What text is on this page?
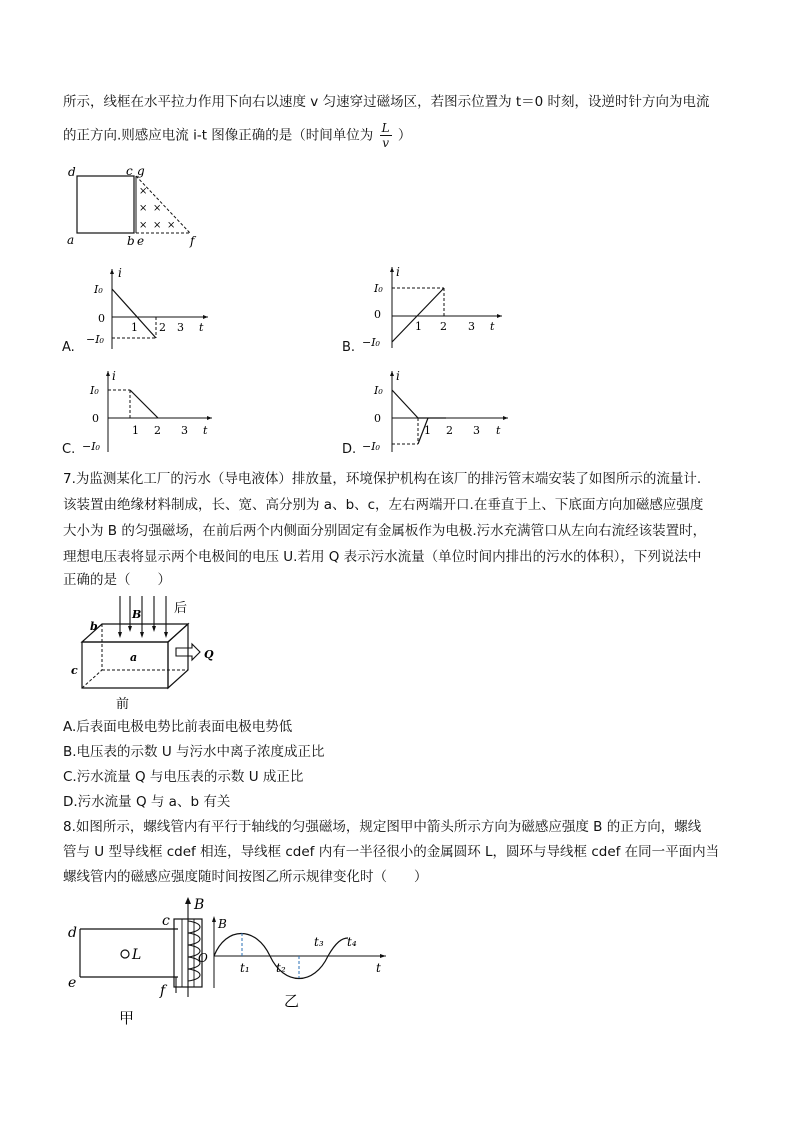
所示，线框在水平拉力作用下向右以速度 v 匀速穿过磁场区，若图示位置为 t＝0 时刻，设逆时针方向为电流
的正方向.则感应电流 i-t 图像正确的是（时间单位为 $\frac{L}{v}$ ）
d	c g
a	b e	f
×
× ×
× × ×
A.
i
I₀
0
−I₀
1 2 3 t
B.
i
I₀
0
−I₀
1 2 3 t
C.
i
I₀
0
−I₀
1 2 3 t
D.
i
I₀
0
−I₀
1 2 3 t
7.为监测某化工厂的污水（导电液体）排放量，环境保护机构在该厂的排污管末端安装了如图所示的流量计.
该装置由绝缘材料制成，长、宽、高分别为 a、b、c，左右两端开口.在垂直于上、下底面方向加磁感应强度
大小为 B 的匀强磁场，在前后两个内侧面分别固定有金属板作为电极.污水充满管口从左向右流经该装置时，
理想电压表将显示两个电极间的电压 U.若用 Q 表示污水流量（单位时间内排出的污水的体积），下列说法中
正确的是（　　）
B
Q
后
前
a
b
c
A.后表面电极电势比前表面电极电势低
B.电压表的示数 U 与污水中离子浓度成正比
C.污水流量 Q 与电压表的示数 U 成正比
D.污水流量 Q 与 a、b 有关
8.如图所示，螺线管内有平行于轴线的匀强磁场，规定图甲中箭头所示方向为磁感应强度 B 的正方向，螺线
管与 U 型导线框 cdef 相连，导线框 cdef 内有一半径很小的金属圆环 L，圆环与导线框 cdef 在同一平面内当
螺线管内的磁感应强度随时间按图乙所示规律变化时（　　）
B
d
c
e	f
L
甲
B
O
t
t₁ t₂
t₃ t₄
乙
